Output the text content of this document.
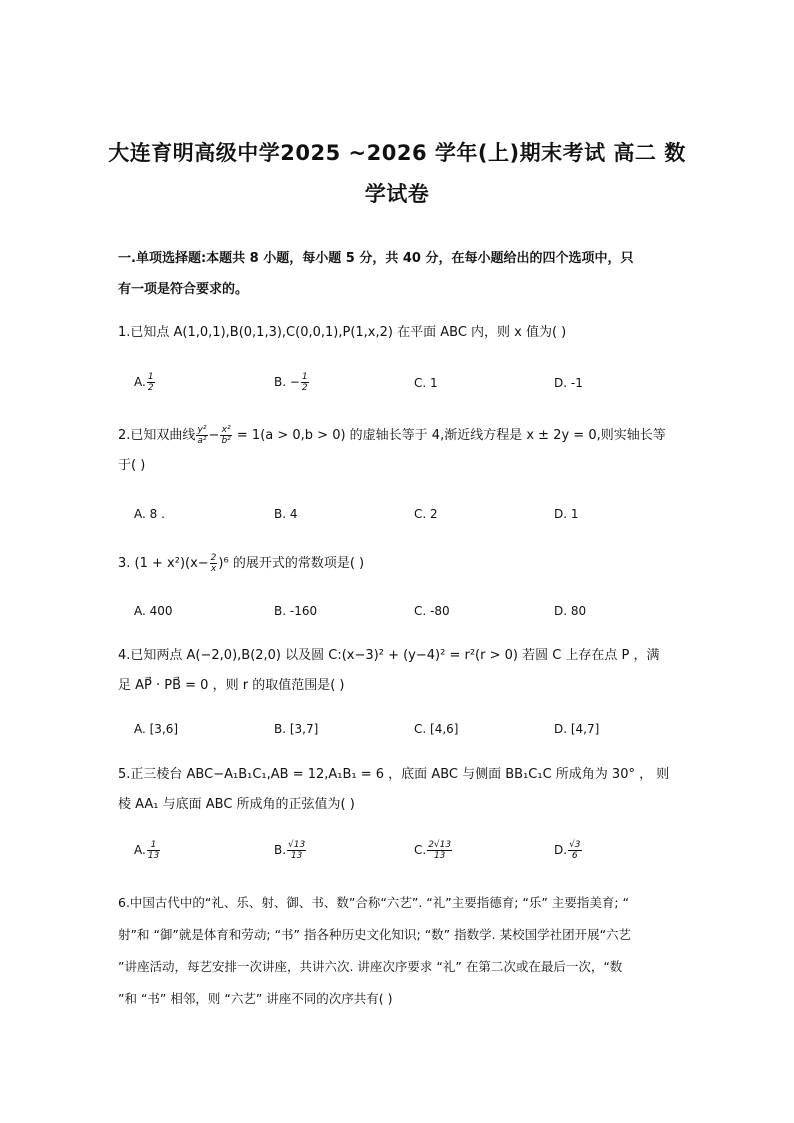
大连育明高级中学2025 ~2026 学年(上)期末考试 高二 数
学试卷
一.单项选择题:本题共 8 小题，每小题 5 分，共 40 分，在每小题给出的四个选项中，只
有一项是符合要求的。
1.已知点 A(1,0,1),B(0,1,3),C(0,0,1),P(1,x,2) 在平面 ABC 内，则 x 值为( )
A. $\frac{1}{2}$	B. − $\frac{1}{2}$	C. 1	D. -1
2.已知双曲线 $\frac{\text{y²}}{\text{a²}} - \frac{\text{x²}}{\text{b²}} = 1(a > 0,b > 0)$ 的虚轴长等于 4,渐近线方程是 x ± 2y = 0,则实轴长等
于( )
A. 8 .	B. 4	C. 2	D. 1
3. $(1 + x^2)(x- \frac{2}{x} )^6$ 的展开式的常数项是( )
A. 400	B. -160	C. -80	D. 80
4.已知两点 A(−2,0),B(2,0) 以及圆 C:(x−3)² + (y−4)² = r²(r > 0) 若圆 C 上存在点 P ，满
足 AP⃗ · PB⃗ = 0 ，则 r 的取值范围是( )
A. [3,6]	B. [3,7]	C. [4,6]	D. [4,7]
5.正三棱台 ABC−A₁B₁C₁,AB = 12,A₁B₁ = 6 ，底面 ABC 与侧面 BB₁C₁C 所成角为 30° ， 则
棱 AA₁ 与底面 ABC 所成角的正弦值为( )
A. $\frac{1}{13}$	B. $\frac{√13}{13}$	C. $\frac{2√13}{13}$	D. $\frac{√3}{6}$
6.中国古代中的“礼、乐、射、御、书、数”合称“六艺”. “礼”主要指德育; “乐” 主要指美育; “
射”和 “御”就是体育和劳动; “书” 指各种历史文化知识; “数” 指数学. 某校国学社团开展“六艺
”讲座活动，每艺安排一次讲座，共讲六次. 讲座次序要求 “礼” 在第二次或在最后一次，“数
”和 “书” 相邻，则 “六艺” 讲座不同的次序共有( )
